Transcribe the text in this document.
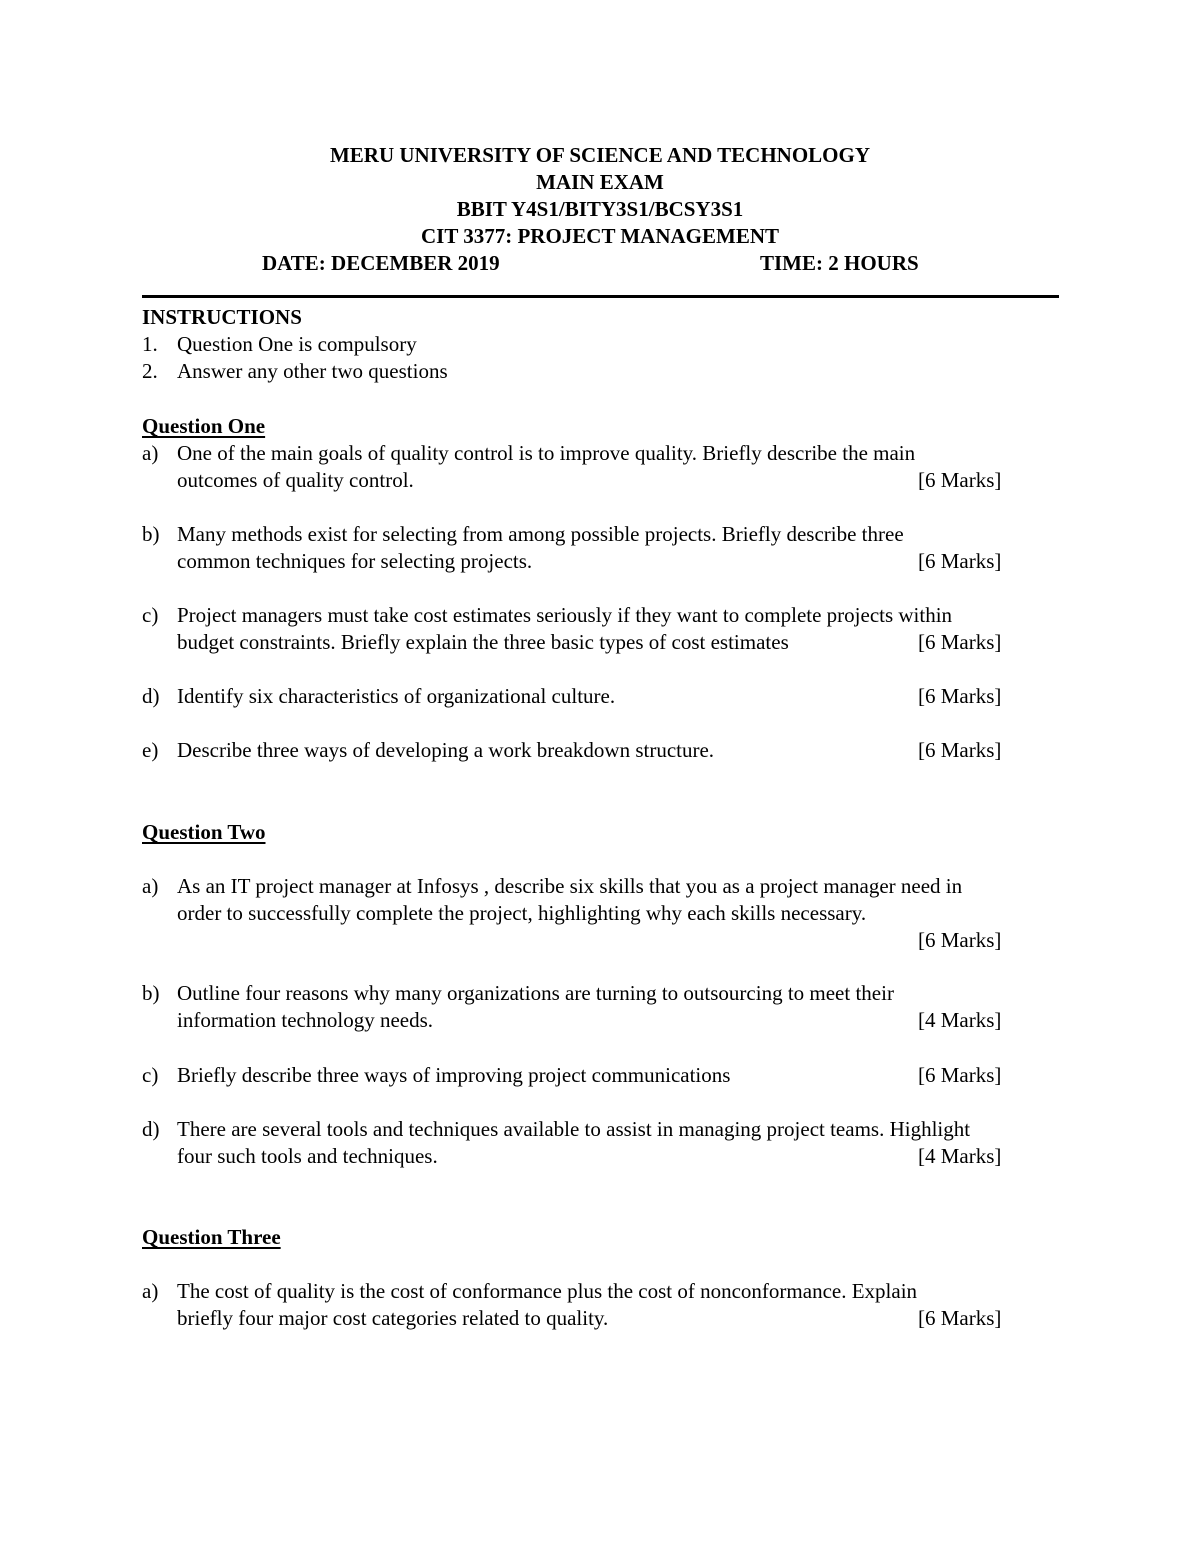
MERU UNIVERSITY OF SCIENCE AND TECHNOLOGY
MAIN EXAM
BBIT Y4S1/BITY3S1/BCSY3S1
CIT 3377: PROJECT MANAGEMENT
DATE: DECEMBER 2019	TIME: 2 HOURS
INSTRUCTIONS
1. Question One is compulsory
2. Answer any other two questions
Question One
a) One of the main goals of quality control is to improve quality. Briefly describe the main
outcomes of quality control.	[6 Marks]
b) Many methods exist for selecting from among possible projects. Briefly describe three
common techniques for selecting projects.	[6 Marks]
c) Project managers must take cost estimates seriously if they want to complete projects within
budget constraints. Briefly explain the three basic types of cost estimates	[6 Marks]
d) Identify six characteristics of organizational culture.	[6 Marks]
e) Describe three ways of developing a work breakdown structure.	[6 Marks]
Question Two
a) As an IT project manager at Infosys , describe six skills that you as a project manager need in
order to successfully complete the project, highlighting why each skills necessary.
[6 Marks]
b) Outline four reasons why many organizations are turning to outsourcing to meet their
information technology needs.	[4 Marks]
c) Briefly describe three ways of improving project communications	[6 Marks]
d) There are several tools and techniques available to assist in managing project teams. Highlight
four such tools and techniques.	[4 Marks]
Question Three
a) The cost of quality is the cost of conformance plus the cost of nonconformance. Explain
briefly four major cost categories related to quality.	[6 Marks]
